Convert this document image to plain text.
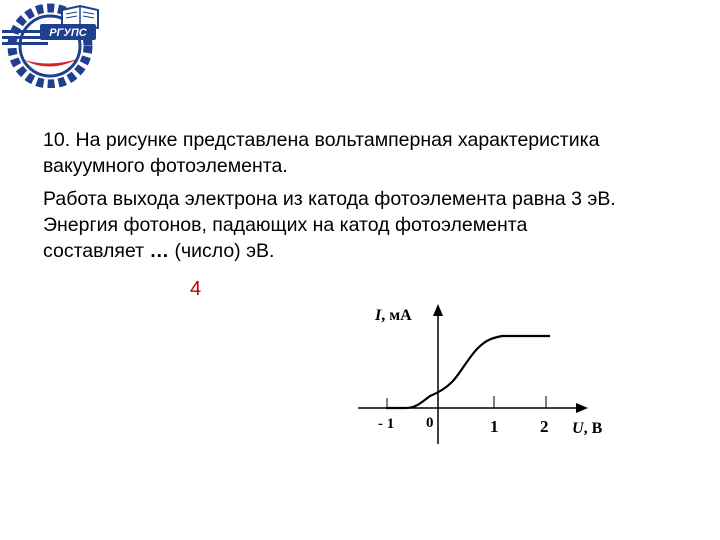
РГУПС

10. На рисунке представлена вольтамперная характеристика вакуумного фотоэлемента.

Работа выхода электрона из катода фотоэлемента равна 3 эВ.
Энергия фотонов, падающих на катод фотоэлемента
составляет … (число) эВ.

4
I, мА
U, В
- 1 0	1 2
